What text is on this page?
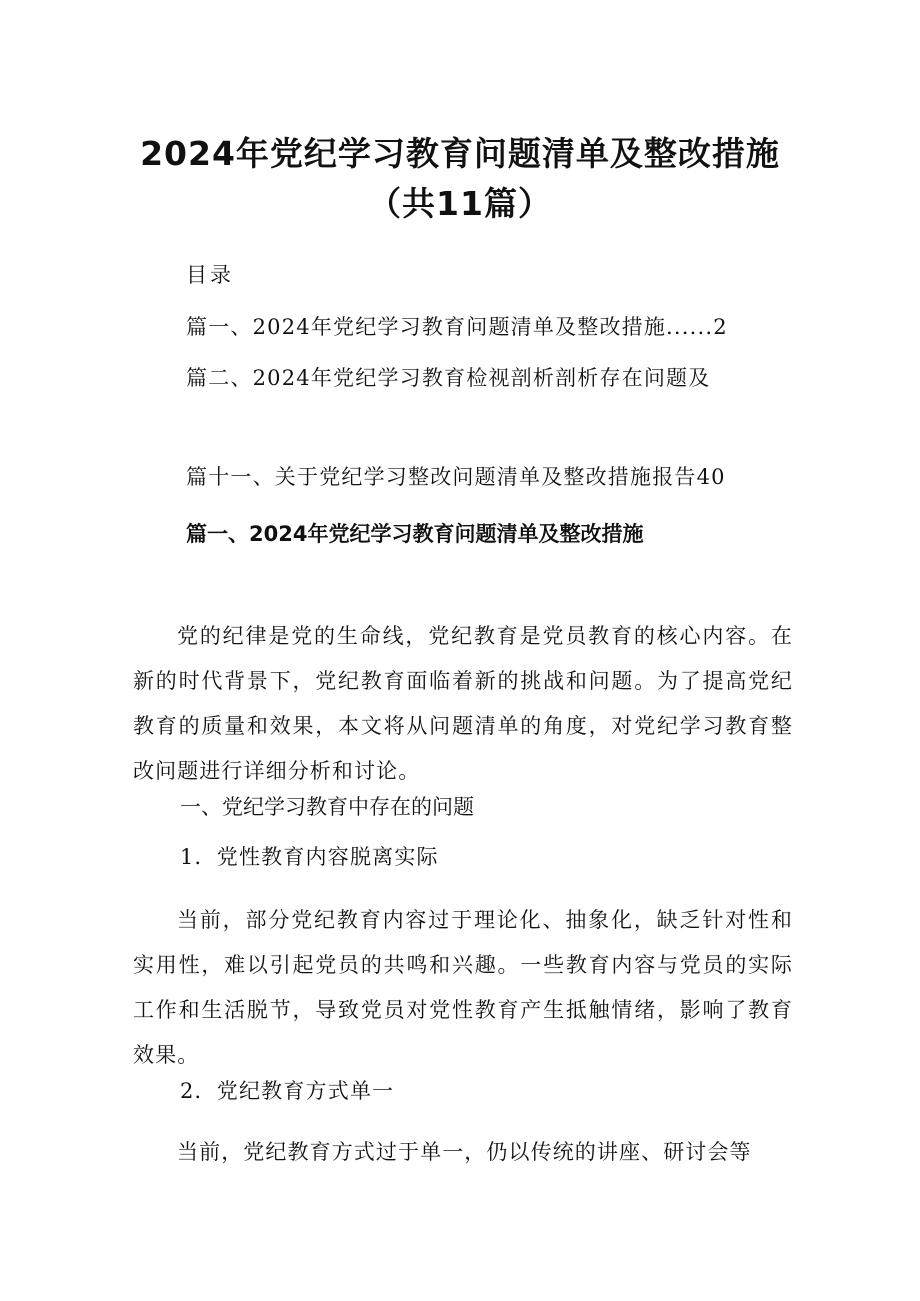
2024年党纪学习教育问题清单及整改措施
（共11篇）
目录
篇一、2024年党纪学习教育问题清单及整改措施......2
篇二、2024年党纪学习教育检视剖析剖析存在问题及
篇十一、关于党纪学习整改问题清单及整改措施报告40
篇一、2024年党纪学习教育问题清单及整改措施

党的纪律是党的生命线，党纪教育是党员教育的核心内容。在新的时代背景下，党纪教育面临着新的挑战和问题。为了提高党纪教育的质量和效果，本文将从问题清单的角度，对党纪学习教育整改问题进行详细分析和讨论。

一、党纪学习教育中存在的问题
1．党性教育内容脱离实际

当前，部分党纪教育内容过于理论化、抽象化，缺乏针对性和实用性，难以引起党员的共鸣和兴趣。一些教育内容与党员的实际工作和生活脱节，导致党员对党性教育产生抵触情绪，影响了教育效果。

2．党纪教育方式单一

当前，党纪教育方式过于单一，仍以传统的讲座、研讨会等
